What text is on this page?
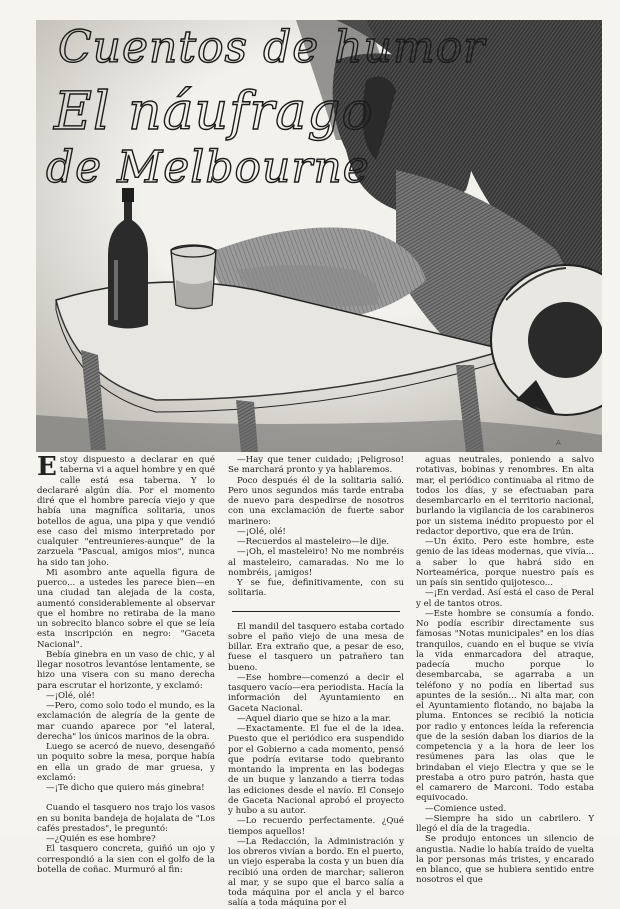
A
Cuentos de humor
El náufrago
de Melbourne

Estoy dispuesto a declarar en qué taberna vi a aquel hombre y en qué calle está esa taberna. Y lo declararé algún día. Por el momento diré que el hombre parecía viejo y que había una magnífica solitaria, unos botellos de agua, una pipa y que vendió ese caso del mismo interpretado por cualquier "entreunieres-aunque" de la zarzuela "Pascual, amigos mios", nunca ha sido tan joho.

Mi asombro ante aquella figura de puerco... a ustedes les parece bien—en una ciudad tan alejada de la costa, aumentó considerablemente al observar que el hombre no retiraba de la mano un sobrecito blanco sobre el que se leía esta inscripción en negro: "Gaceta Nacional".

Bebía ginebra en un vaso de chic, y al llegar nosotros levantóse lentamente, se hizo una visera con su mano derecha para escrutar el horizonte, y exclamó:

—¡Olé, olé!

—Pero, como solo todo el mundo, es la exclamación de alegría de la gente de mar cuando aparece por "el lateral, derecha" los únicos marinos de la obra.

Luego se acercó de nuevo, desengañó un poquito sobre la mesa, porque había en ella un grado de mar gruesa, y exclamó:

—¡Te dicho que quiero más ginebra!

Cuando el tasquero nos trajo los vasos en su bonita bandeja de hojalata de "Los cafés prestados", le preguntó:

—¿Quién es ese hombre?

El tasquero concreta, guiñó un ojo y correspondió a la sien con el golfo de la botella de coñac. Murmuró al fin:

—Hay que tener cuidado; ¡Peligroso! Se marchará pronto y ya hablaremos.

Poco después él de la solitaria salió. Pero unos segundos más tarde entraba de nuevo para despedirse de nosotros con una exclamación de fuerte sabor marinero:

—¡Olé, olé!

—Recuerdos al masteleiro—le dije.

—¡Oh, el masteleiro! No me nombréis al masteleiro, camaradas. No me lo nombréis, ¡amigos!

Y se fue, definitivamente, con su solitaria.

El mandil del tasquero estaba cortado sobre el paño viejo de una mesa de billar. Era extraño que, a pesar de eso, fuese el tasquero un patrañero tan bueno.

—Ese hombre—comenzó a decir el tasquero vacío—era periodista. Hacía la información del Ayuntamiento en Gaceta Nacional.

—Aquel diario que se hizo a la mar.

—Exactamente. El fue el de la idea. Puesto que el periódico era suspendido por el Gobierno a cada momento, pensó que podría evitarse todo quebranto montando la imprenta en las bodegas de un buque y lanzando a tierra todas las ediciones desde el navío. El Consejo de Gaceta Nacional aprobó el proyecto y hubo a su autor.

—Lo recuerdo perfectamente. ¿Qué tiempos aquellos!

—La Redacción, la Administración y los obreros vivían a bordo. En el puerto, un viejo esperaba la costa y un buen día recibió una orden de marchar; salieron al mar, y se supo que el barco salía a toda máquina por el ancla y el barco salía a toda máquina por el

aguas neutrales, poniendo a salvo rotativas, bobinas y renombres. En alta mar, el periódico continuaba al ritmo de todos los días, y se efectuaban para desembarcarlo en el territorio nacional, burlando la vigilancia de los carabineros por un sistema inédito propuesto por el redactor deportivo, que era de Irún.

—Un éxito. Pero este hombre, este genio de las ideas modernas, que vivía... a saber lo que habrá sido en Norteamérica, porque nuestro país es un país sin sentido quijotesco...

—¡En verdad. Así está el caso de Peral y el de tantos otros.

—Este hombre se consumía a fondo. No podía escribir directamente sus famosas "Notas municipales" en los días tranquilos, cuando en el buque se vivía la vida enmarcadora del atraque, padecía mucho porque lo desembarcaba, se agarraba a un teléfono y no podía en libertad sus apuntes de la sesión... Ni alta mar, con el Ayuntamiento flotando, no bajaba la pluma. Entonces se recibió la noticia por radio y entonces leída la referencia que de la sesión daban los diarios de la competencia y a la hora de leer los resúmenes para las olas que le brindaban el viejo Electra y que se le prestaba a otro puro patrón, hasta que el camarero de Marconi. Todo estaba equivocado.

—Comience usted.

—Siempre ha sido un cabrilero. Y llegó el día de la tragedia.

Se produjo entonces un silencio de angustia. Nadie lo había traído de vuelta la por personas más tristes, y encarado en blanco, que se hubiera sentido entre nosotros el que
